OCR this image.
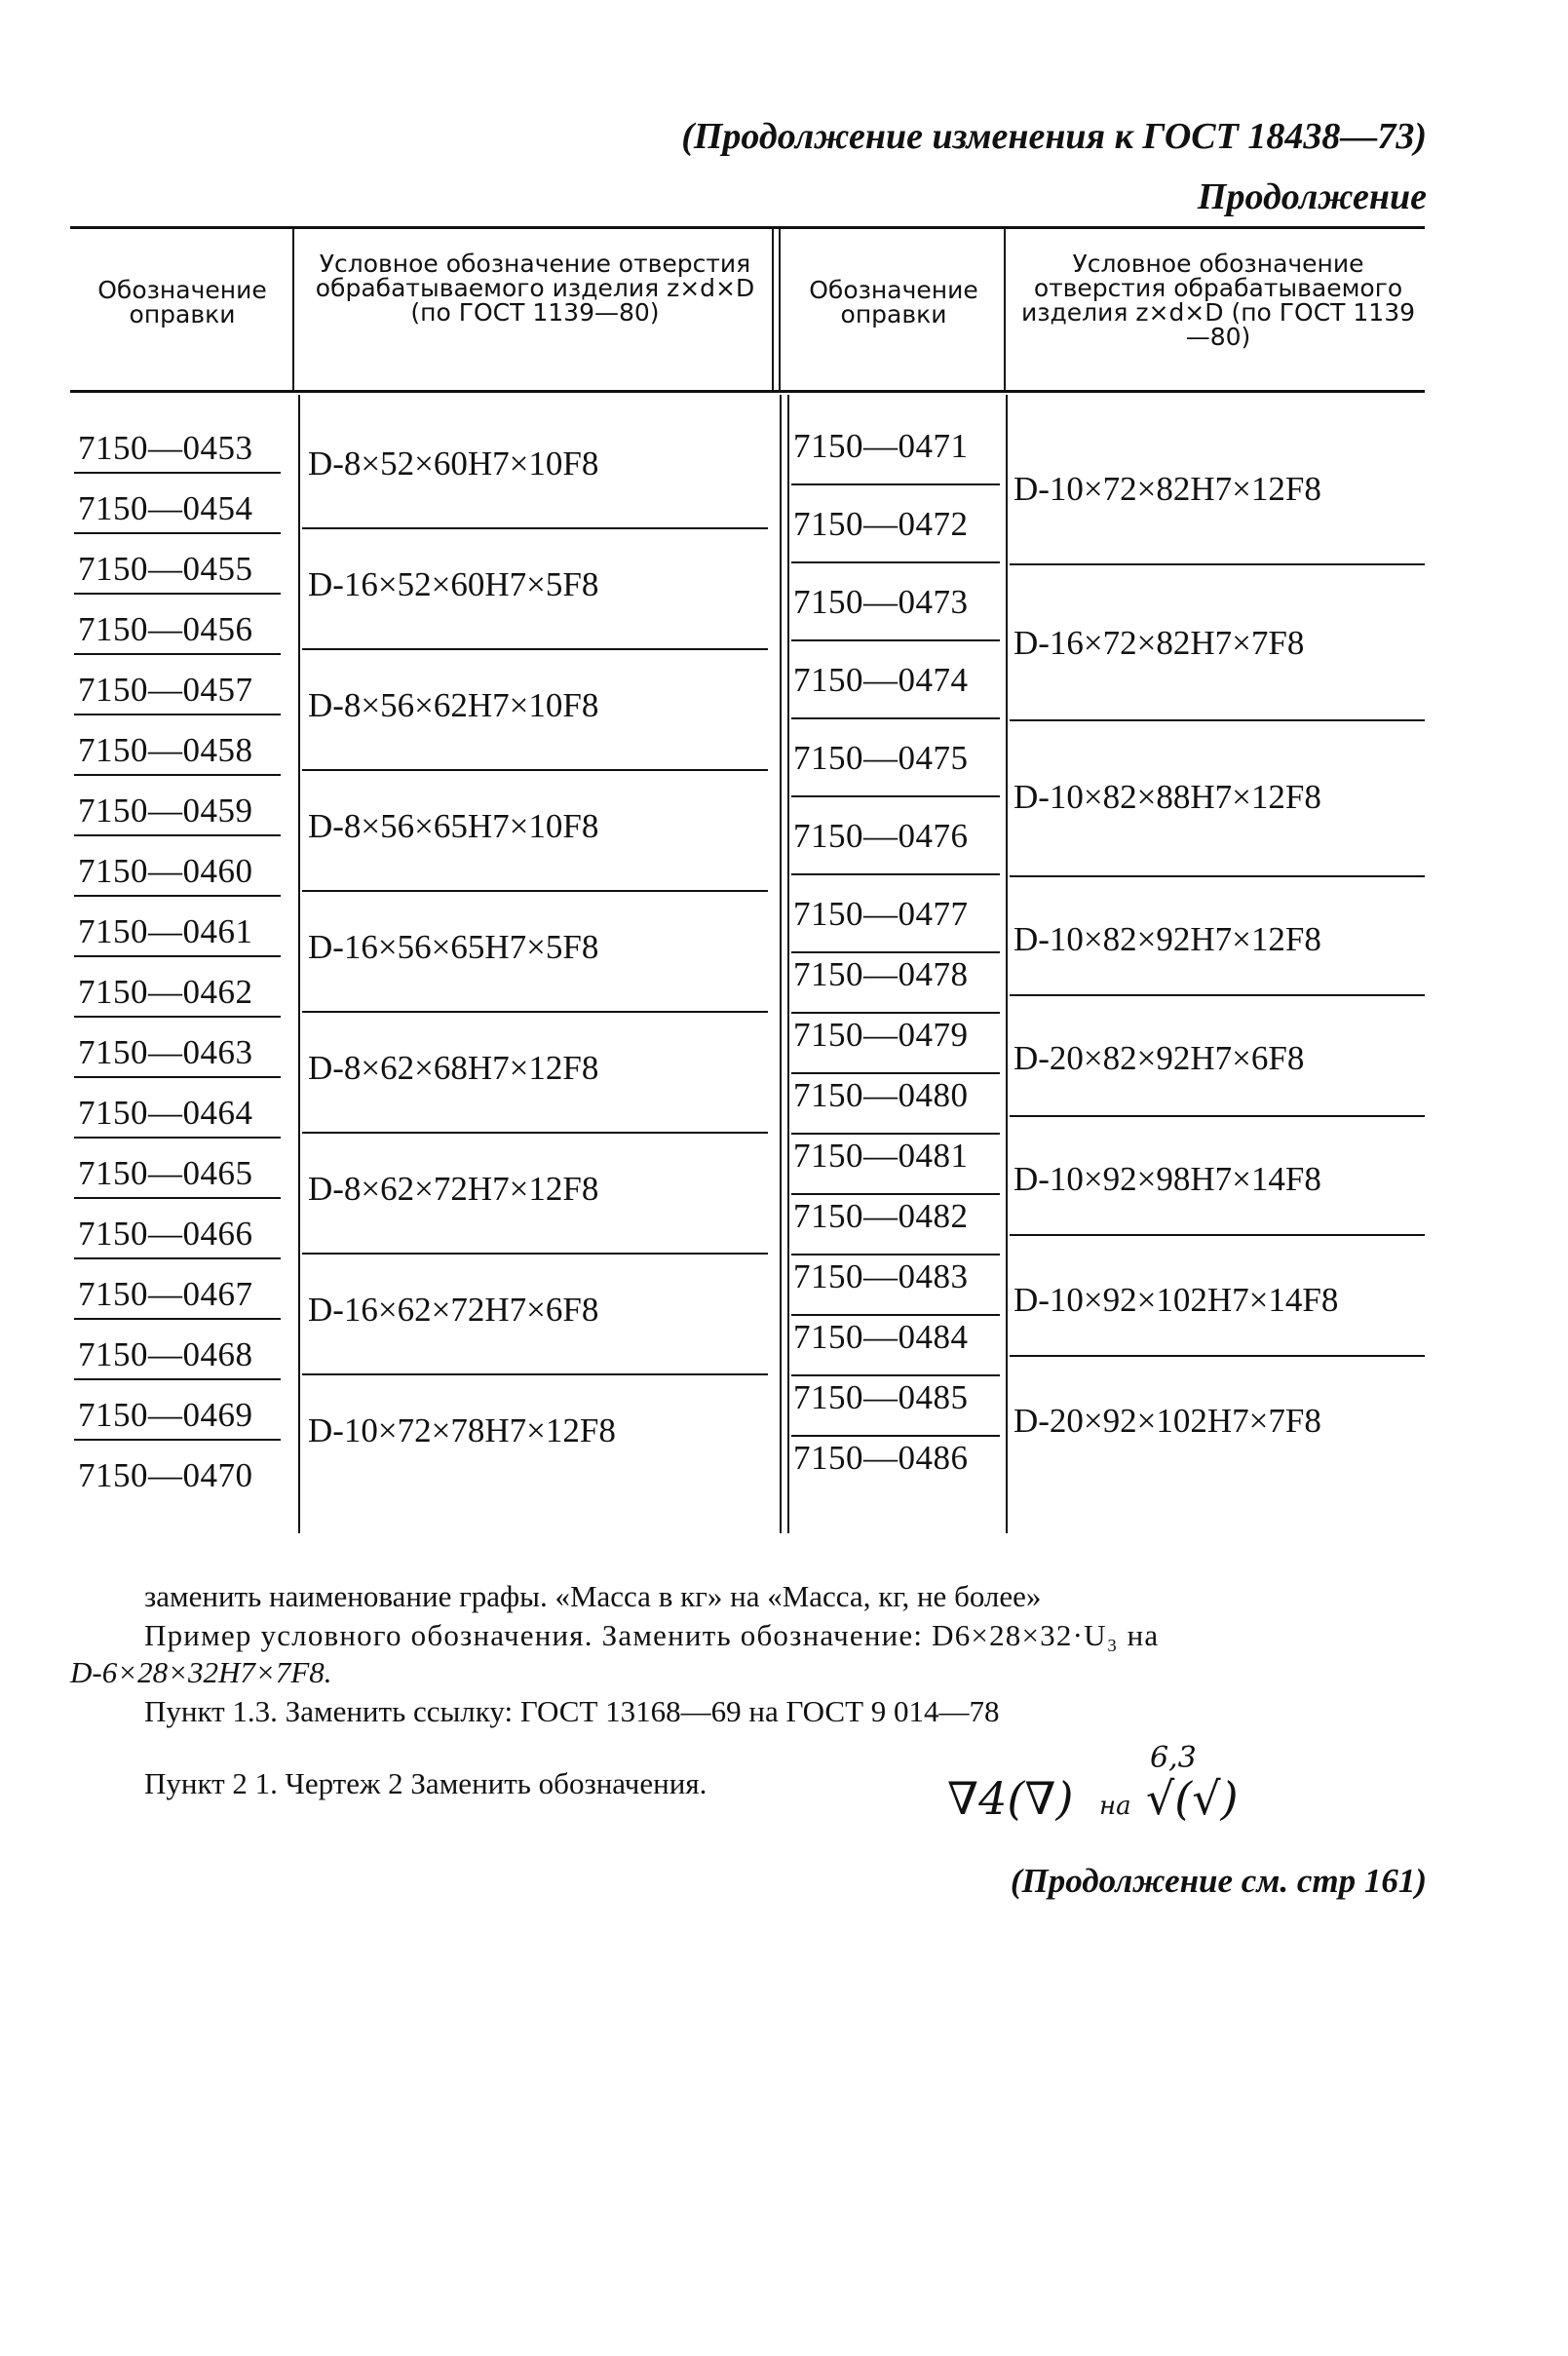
(Продолжение изменения к ГОСТ 18438—73)
Продолжение
Обозначение оправки
Условное обозначение отверстия обрабатываемого изделия z×d×D (по ГОСТ 1139—80)
Обозначение оправки
Условное обозначение отверстия обрабатываемого изделия z×d×D (по ГОСТ 1139—80)
7150—0453
7150—0454
7150—0455
7150—0456
7150—0457
7150—0458
7150—0459
7150—0460
7150—0461
7150—0462
7150—0463
7150—0464
7150—0465
7150—0466
7150—0467
7150—0468
7150—0469
7150—0470
D-8×52×60H7×10F8
D-16×52×60H7×5F8
D-8×56×62H7×10F8
D-8×56×65H7×10F8
D-16×56×65H7×5F8
D-8×62×68H7×12F8
D-8×62×72H7×12F8
D-16×62×72H7×6F8
D-10×72×78H7×12F8
7150—0471
7150—0472
7150—0473
7150—0474
7150—0475
7150—0476
7150—0477
7150—0478
7150—0479
7150—0480
7150—0481
7150—0482
7150—0483
7150—0484
7150—0485
7150—0486
D-10×72×82H7×12F8
D-16×72×82H7×7F8
D-10×82×88H7×12F8
D-10×82×92H7×12F8
D-20×82×92H7×6F8
D-10×92×98H7×14F8
D-10×92×102H7×14F8
D-20×92×102H7×7F8
заменить наименование графы. «Масса в кг» на «Масса, кг, не более»
Пример условного обозначения. Заменить обозначение: D6×28×32·U₃ на
D-6×28×32H7×7F8.
Пункт 1.3. Заменить ссылку: ГОСТ 13168—69 на ГОСТ 9 014—78
Пункт 2 1. Чертеж 2 Заменить обозначения.	∇4(∇) на
6,3
√(√)
(Продолжение см. стр 161)
